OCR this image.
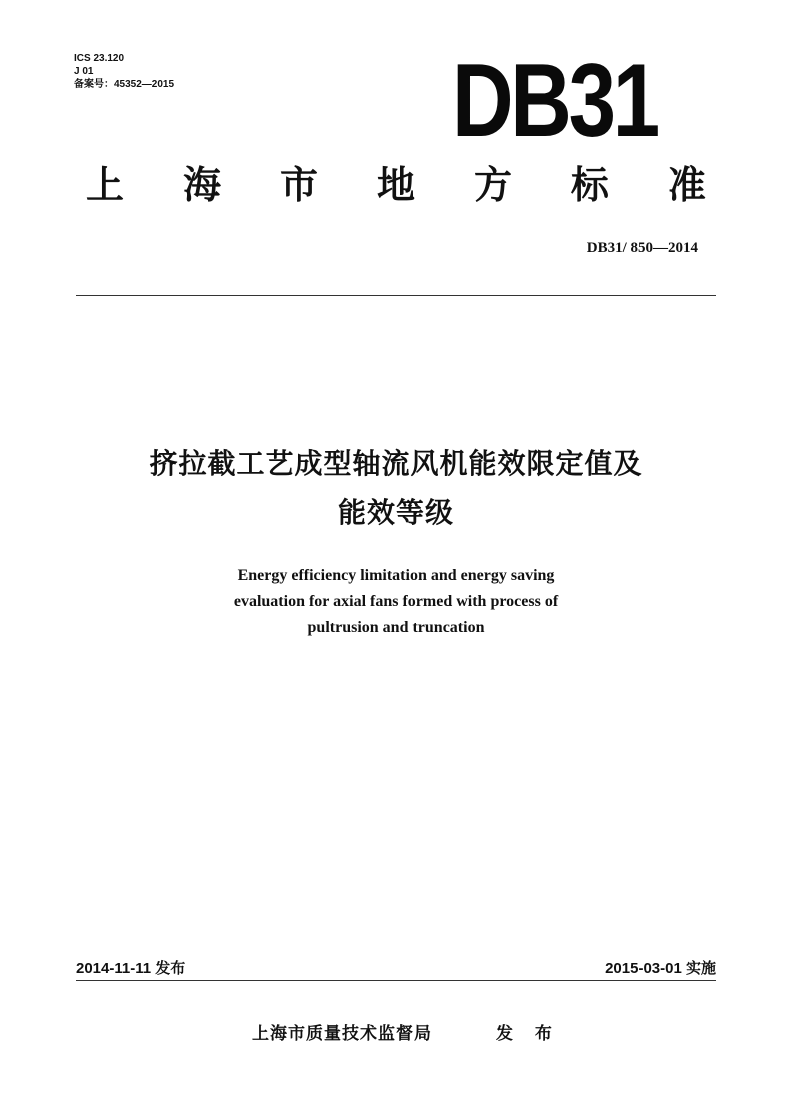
ICS 23.120
J 01
备案号：45352—2015	DB31
上 海 市 地 方 标 准
DB31/ 850—2014
挤拉截工艺成型轴流风机能效限定值及
能效等级
Energy efficiency limitation and energy saving
evaluation for axial fans formed with process of
pultrusion and truncation
2014-11-11 发布	2015-03-01 实施
上海市质量技术监督局	发 布
